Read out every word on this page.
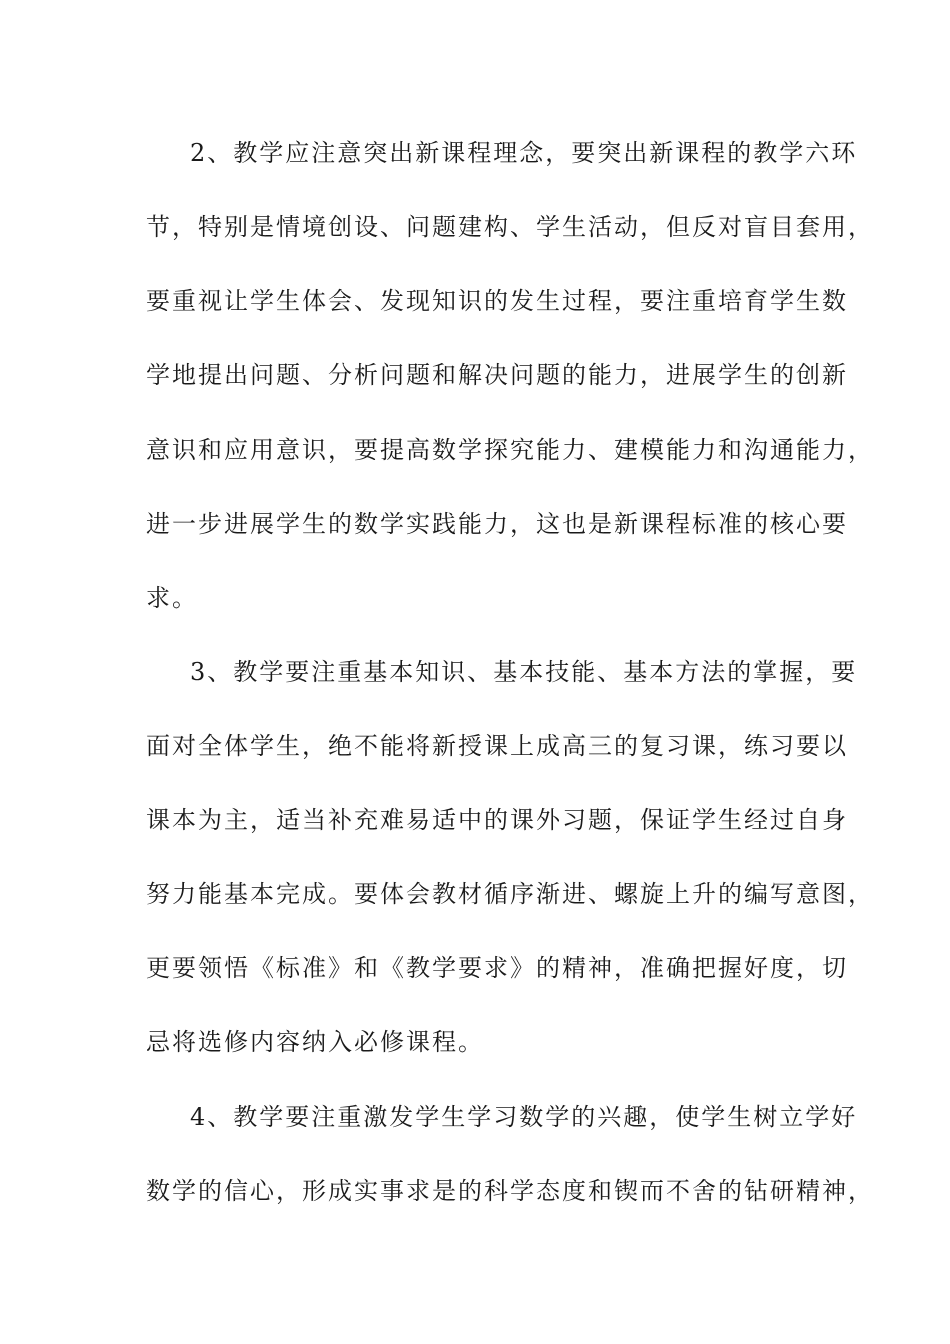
2、教学应注意突出新课程理念，要突出新课程的教学六环
节，特别是情境创设、问题建构、学生活动，但反对盲目套用，
要重视让学生体会、发现知识的发生过程，要注重培育学生数
学地提出问题、分析问题和解决问题的能力，进展学生的创新
意识和应用意识，要提高数学探究能力、建模能力和沟通能力，
进一步进展学生的数学实践能力，这也是新课程标准的核心要
求。
3、教学要注重基本知识、基本技能、基本方法的掌握，要
面对全体学生，绝不能将新授课上成高三的复习课，练习要以
课本为主，适当补充难易适中的课外习题，保证学生经过自身
努力能基本完成。要体会教材循序渐进、螺旋上升的编写意图，
更要领悟《标准》和《教学要求》的精神，准确把握好度，切
忌将选修内容纳入必修课程。
4、教学要注重激发学生学习数学的兴趣，使学生树立学好
数学的信心，形成实事求是的科学态度和锲而不舍的钻研精神，
